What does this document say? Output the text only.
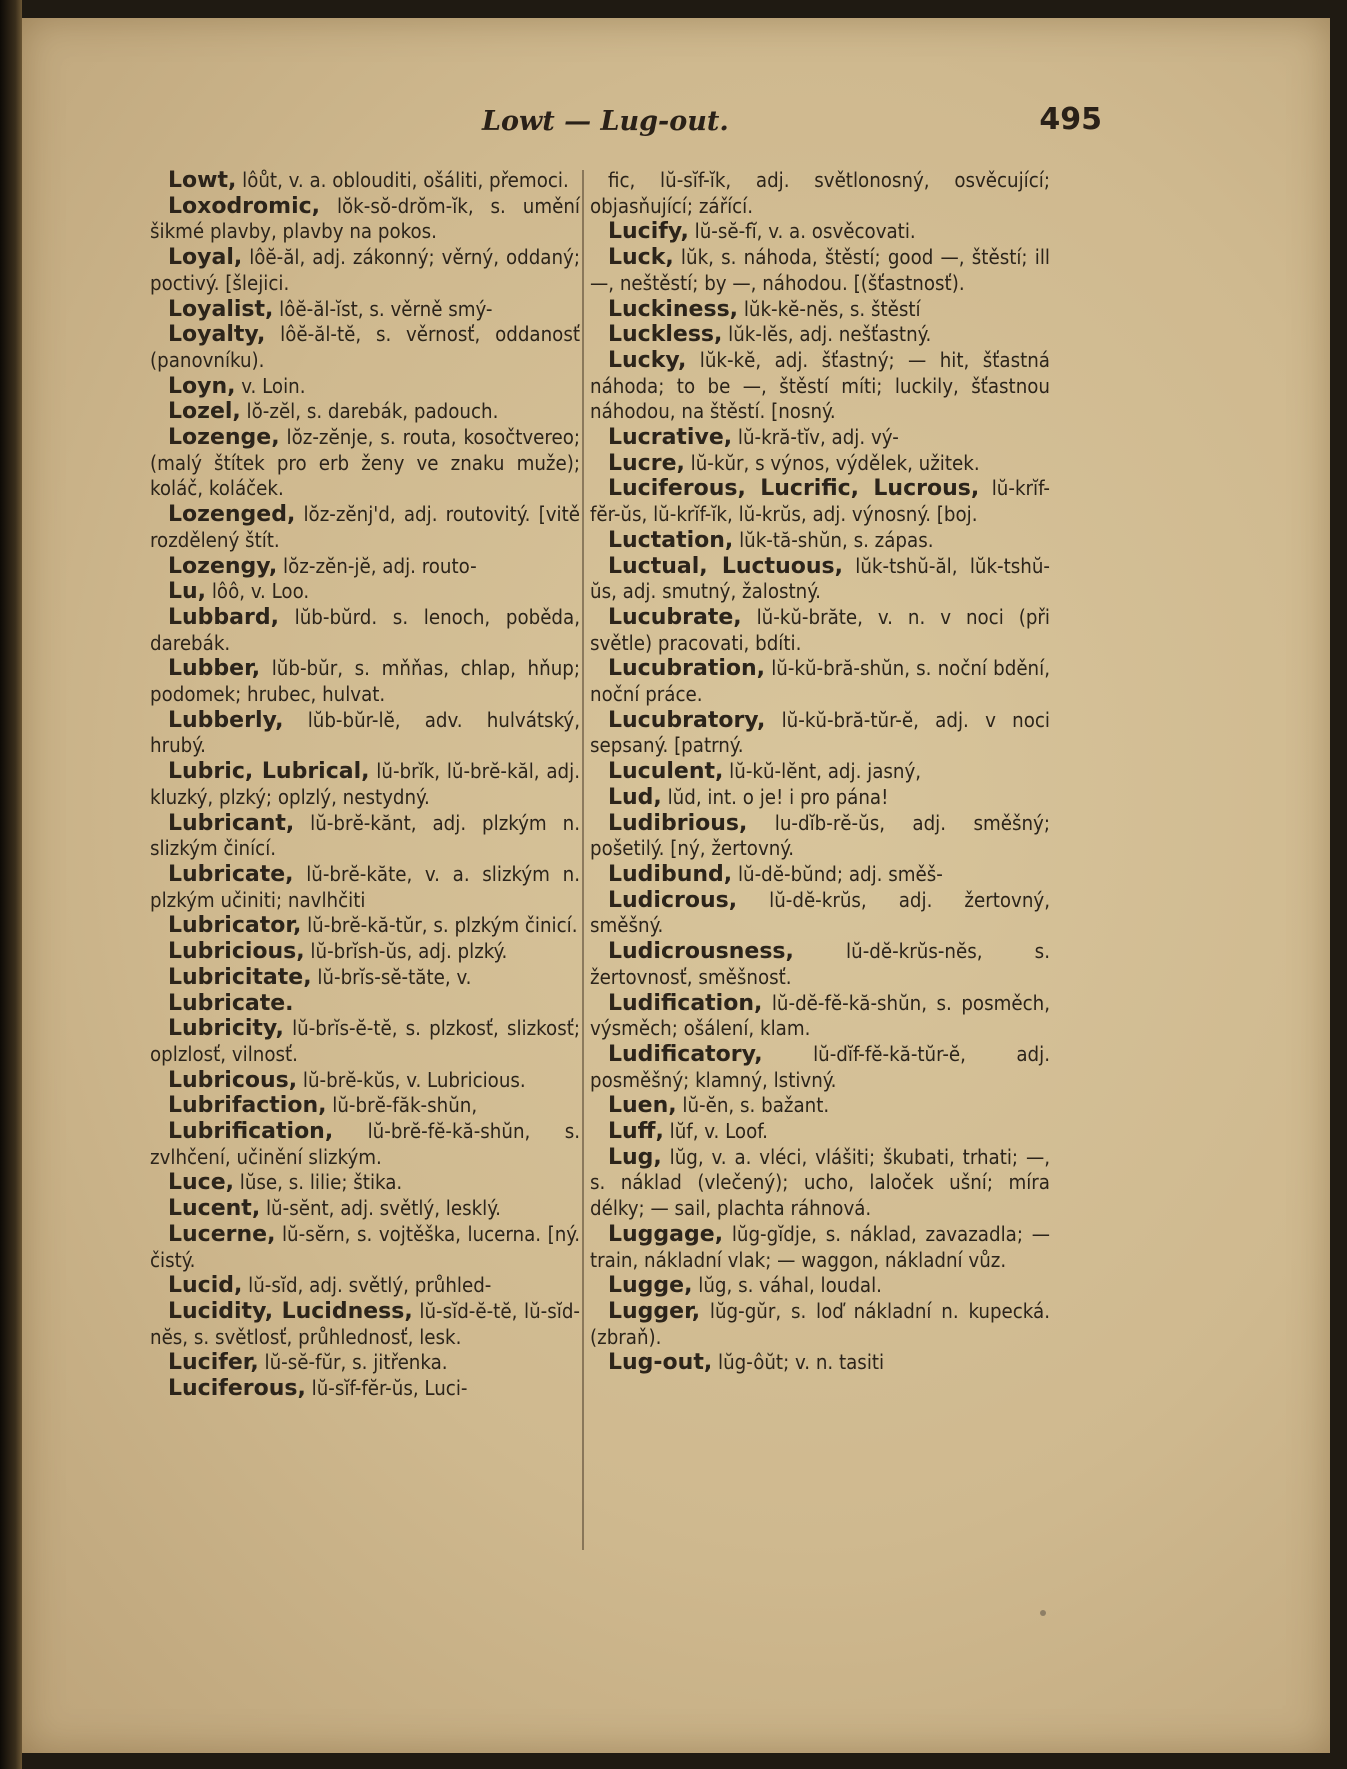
Lowt — Lug-out.	495

Lowt, lôůt, v. a. oblouditi, ošáliti, přemoci.

Loxodromic, lŏk-sŏ-drŏm-ĭk, s. umění šikmé plavby, plavby na pokos.

Loyal, lôĕ-ăl, adj. zákonný; věrný, oddaný; poctivý. [šlejici.

Loyalist, lôĕ-ăl-ĭst, s. věrně smý-

Loyalty, lôĕ-ăl-tĕ, s. věrnosť, oddanosť (panovníku).

Loyn, v. Loin.

Lozel, lŏ-zĕl, s. darebák, padouch.

Lozenge, lŏz-zĕnje, s. routa, kosočtvereo; (malý štítek pro erb ženy ve znaku muže); koláč, koláček.

Lozenged, lŏz-zĕnj'd, adj. routovitý. [vitě rozdělený štít.

Lozengy, lŏz-zĕn-jĕ, adj. routo-

Lu, lôô, v. Loo.

Lubbard, lŭb-bŭrd. s. lenoch, poběda, darebák.

Lubber, lŭb-bŭr, s. mňňas, chlap, hňup; podomek; hrubec, hulvat.

Lubberly, lŭb-bŭr-lĕ, adv. hulvátský, hrubý.

Lubric, Lubrical, lŭ-brĭk, lŭ-brĕ-kăl, adj. kluzký, plzký; oplzlý, nestydný.

Lubricant, lŭ-brĕ-kănt, adj. plzkým n. slizkým činící.

Lubricate, lŭ-brĕ-kăte, v. a. slizkým n. plzkým učiniti; navlhčiti

Lubricator, lŭ-brĕ-kă-tŭr, s. plzkým činicí.

Lubricious, lŭ-brĭsh-ŭs, adj. plzký.

Lubricitate, lŭ-brĭs-sĕ-tăte, v.

Lubricate.

Lubricity, lŭ-brĭs-ĕ-tĕ, s. plzkosť, slizkosť; oplzlosť, vilnosť.

Lubricous, lŭ-brĕ-kŭs, v. Lubricious.

Lubrifaction, lŭ-brĕ-făk-shŭn,

Lubrification, lŭ-brĕ-fĕ-kă-shŭn, s. zvlhčení, učinění slizkým.

Luce, lŭse, s. lilie; štika.

Lucent, lŭ-sĕnt, adj. světlý, lesklý.

Lucerne, lŭ-sĕrn, s. vojtěška, lucerna. [ný. čistý.

Lucid, lŭ-sĭd, adj. světlý, průhled-

Lucidity, Lucidness, lŭ-sĭd-ĕ-tĕ, lŭ-sĭd-nĕs, s. světlosť, průhlednosť, lesk.

Lucifer, lŭ-sĕ-fŭr, s. jitřenka.

Luciferous, lŭ-sĭf-fĕr-ŭs, Luci-

fic, lŭ-sĭf-ĭk, adj. světlonosný, osvěcující; objasňující; zářící.

Lucify, lŭ-sĕ-fĭ, v. a. osvěcovati.

Luck, lŭk, s. náhoda, štěstí; good —, štěstí; ill —, neštěstí; by —, náhodou. [(šťastnosť).

Luckiness, lŭk-kĕ-nĕs, s. štěstí

Luckless, lŭk-lĕs, adj. nešťastný.

Lucky, lŭk-kĕ, adj. šťastný; — hit, šťastná náhoda; to be —, štěstí míti; luckily, šťastnou náhodou, na štěstí. [nosný.

Lucrative, lŭ-kră-tĭv, adj. vý-

Lucre, lŭ-kŭr, s výnos, výdělek, užitek.

Luciferous, Lucrific, Lucrous, lŭ-krĭf-fĕr-ŭs, lŭ-krĭf-ĭk, lŭ-krŭs, adj. výnosný. [boj.

Luctation, lŭk-tă-shŭn, s. zápas.

Luctual, Luctuous, lŭk-tshŭ-ăl, lŭk-tshŭ-ŭs, adj. smutný, žalostný.

Lucubrate, lŭ-kŭ-brăte, v. n. v noci (při světle) pracovati, bdíti.

Lucubration, lŭ-kŭ-bră-shŭn, s. noční bdění, noční práce.

Lucubratory, lŭ-kŭ-bră-tŭr-ĕ, adj. v noci sepsaný. [patrný.

Luculent, lŭ-kŭ-lĕnt, adj. jasný,

Lud, lŭd, int. o je! i pro pána!

Ludibrious, lu-dĭb-rĕ-ŭs, adj. směšný; pošetilý. [ný, žertovný.

Ludibund, lŭ-dĕ-bŭnd; adj. směš-

Ludicrous, lŭ-dĕ-krŭs, adj. žertovný, směšný.

Ludicrousness, lŭ-dĕ-krŭs-nĕs, s. žertovnosť, směšnosť.

Ludification, lŭ-dĕ-fĕ-kă-shŭn, s. posměch, výsměch; ošálení, klam.

Ludificatory, lŭ-dĭf-fĕ-kă-tŭr-ĕ, adj. posměšný; klamný, lstivný.

Luen, lŭ-ĕn, s. bažant.

Luff, lŭf, v. Loof.

Lug, lŭg, v. a. vléci, vlášiti; škubati, trhati; —, s. náklad (vlečený); ucho, laloček ušní; míra délky; — sail, plachta ráhnová.

Luggage, lŭg-gĭdje, s. náklad, zavazadla; — train, nákladní vlak; — waggon, nákladní vůz.

Lugge, lŭg, s. váhal, loudal.

Lugger, lŭg-gŭr, s. loď nákladní n. kupecká. (zbraň).

Lug-out, lŭg-ôŭt; v. n. tasiti
